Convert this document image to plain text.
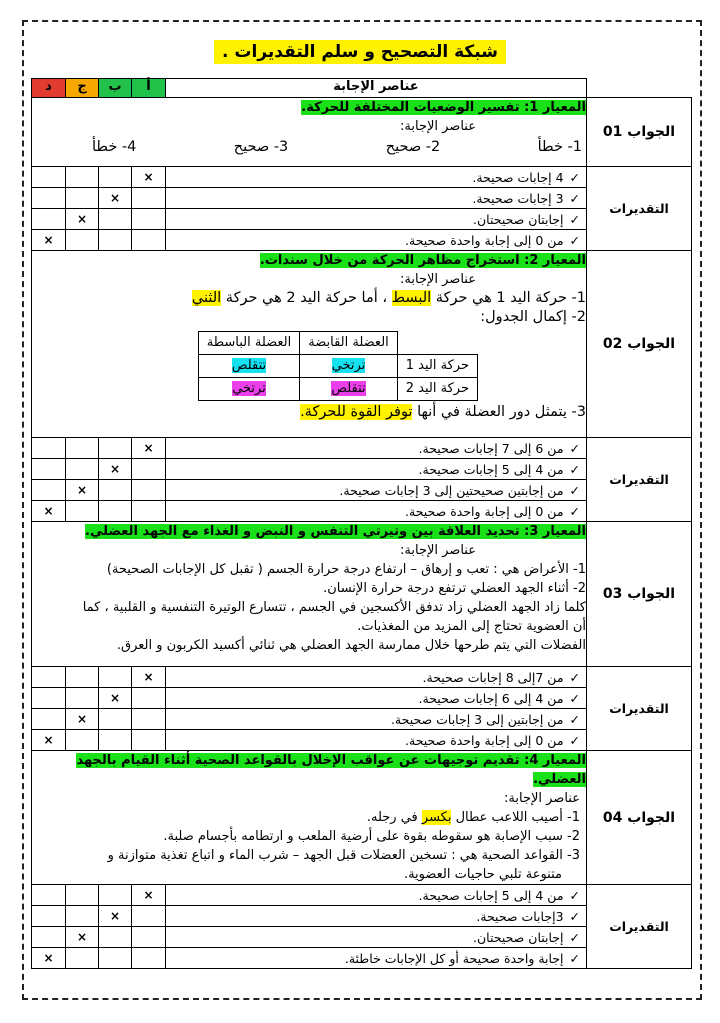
شبكة التصحيح و سلم التقديرات .
	عناصر الإجابة	أ	ب	ج	د
الجواب 01	
المعيار 1: تفسير الوضعيات المختلفة للحركة.
عناصر الإجابة:
1- خطأ
2- صحيح
3- صحيح
4- خطأ

التقديرات	✓4 إجابات صحيحة.	×			
✓3 إجابات صحيحة.		×		
✓إجابتان صحيحتان.			×	
✓من 0 إلى إجابة واحدة صحيحة.				×
الجواب 02	
المعيار 2: استخراج مظاهر الحركة من خلال سندات.
عناصر الإجابة:
1- حركة اليد 1 هي حركة البسط ، أما حركة اليد 2 هي حركة الثني
2- إكمال الجدول:
	العضلة القابضة	العضلة الباسطة
حركة اليد 1	ترتخي	تتقلص
حركة اليد 2	تتقلص	ترتخي
3- يتمثل دور العضلة في أنها توفر القوة للحركة.

التقديرات	✓من 6 إلى 7 إجابات صحيحة.	×			
✓من 4 إلى 5 إجابات صحيحة.		×		
✓من إجابتين صحيحتين إلى 3 إجابات صحيحة.			×	
✓من 0 إلى إجابة واحدة صحيحة.				×
الجواب 03	
المعيار 3: تحديد العلاقة بين وتيرتي التنفس و النبض و الغذاء مع الجهد العضلي.
عناصر الإجابة:
1- الأعراض هي : تعب و إرهاق – ارتفاع درجة حرارة الجسم ( تقبل كل الإجابات الصحيحة)
2- أثناء الجهد العضلي ترتفع درجة حرارة الإنسان.
كلما زاد الجهد العضلي زاد تدفق الأكسجين في الجسم ، تتسارع الوتيرة التنفسية و القلبية ، كما
أن العضوية تحتاج إلى المزيد من المغذيات.
الفضلات التي يتم طرحها خلال ممارسة الجهد العضلي هي ثنائي أكسيد الكربون و العرق.

التقديرات	✓من 7إلى 8 إجابات صحيحة.	×			
✓من 4 إلى 6 إجابات صحيحة.		×		
✓من إجابتين إلى 3 إجابات صحيحة.			×	
✓من 0 إلى إجابة واحدة صحيحة.				×
الجواب 04	
المعيار 4: تقديم توجيهات عن عواقب الإخلال بالقواعد الصحية أثناء القيام بالجهد العضلي.
عناصر الإجابة:
1- أصيب اللاعب عطال بكسر في رجله.
2- سبب الإصابة هو سقوطه بقوة على أرضية الملعب و ارتطامه بأجسام صلبة.
3- القواعد الصحية هي : تسخين العضلات قبل الجهد – شرب الماء و اتباع تغذية متوازنة و
متنوعة تلبي حاجيات العضوية.

التقديرات	✓من 4 إلى 5 إجابات صحيحة.	×			
✓3إجابات صحيحة.		×		
✓إجابتان صحيحتان.			×	
✓إجابة واحدة صحيحة أو كل الإجابات خاطئة.				×
